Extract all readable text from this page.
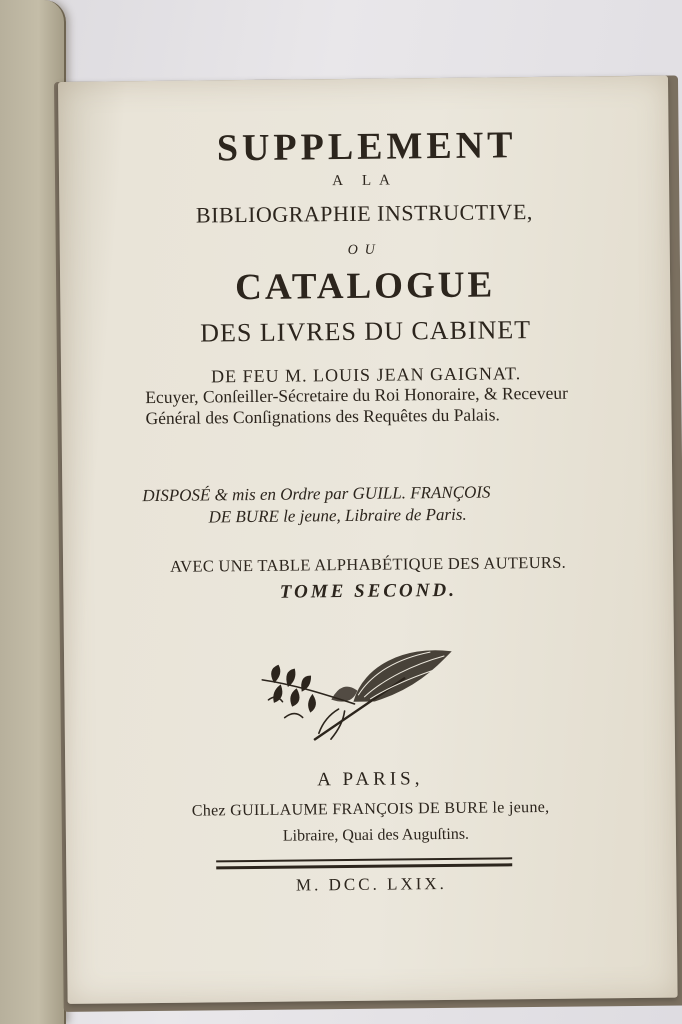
SUPPLEMENT
A LA
BIBLIOGRAPHIE INSTRUCTIVE,
OU
CATALOGUE
DES LIVRES DU CABINET
DE FEU M. LOUIS JEAN GAIGNAT.
Ecuyer, Conſeiller-Sécretaire du Roi Honoraire, & Receveur Général des Conſignations des Requêtes du Palais.
DISPOSÉ & mis en Ordre par GUILL. FRANÇOIS
DE BURE le jeune, Libraire de Paris.
AVEC UNE TABLE ALPHABÉTIQUE DES AUTEURS.
TOME SECOND.
A PARIS,
Chez GUILLAUME FRANÇOIS DE BURE le jeune,
Libraire, Quai des Auguſtins.
M. DCC. LXIX.
